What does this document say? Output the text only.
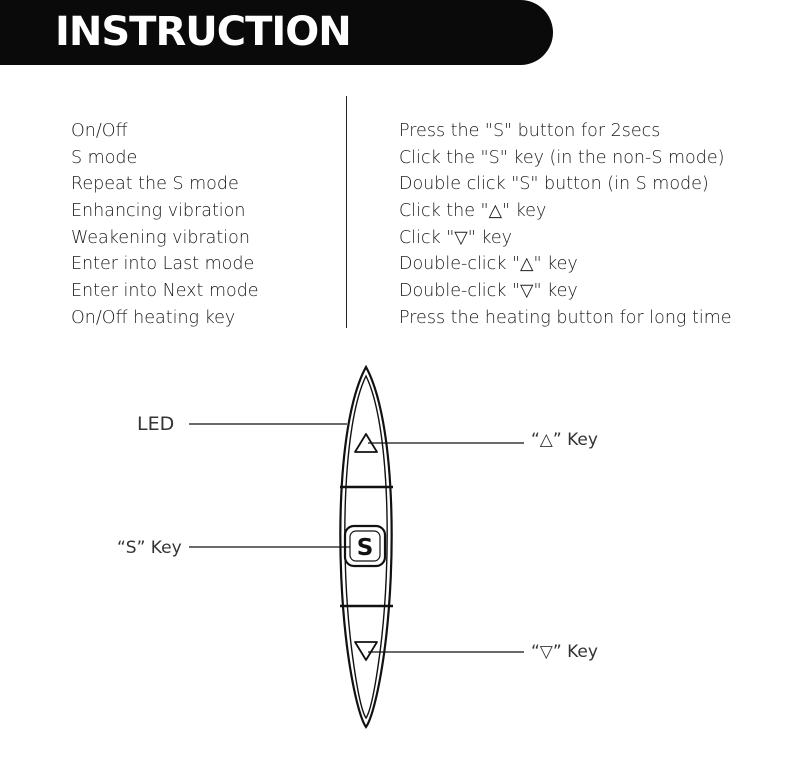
INSTRUCTION
On/Off
S mode
Repeat the S mode
Enhancing vibration
Weakening vibration
Enter into Last mode
Enter into Next mode
On/Off heating key
Press the "S" button for 2secs
Click the "S" key (in the non-S mode)
Double click "S" button (in S mode)
Click the "△" key
Click "▽" key
Double-click "△" key
Double-click "▽" key
Press the heating button for long time
S
LED
“S” Key
“△” Key
“▽” Key
